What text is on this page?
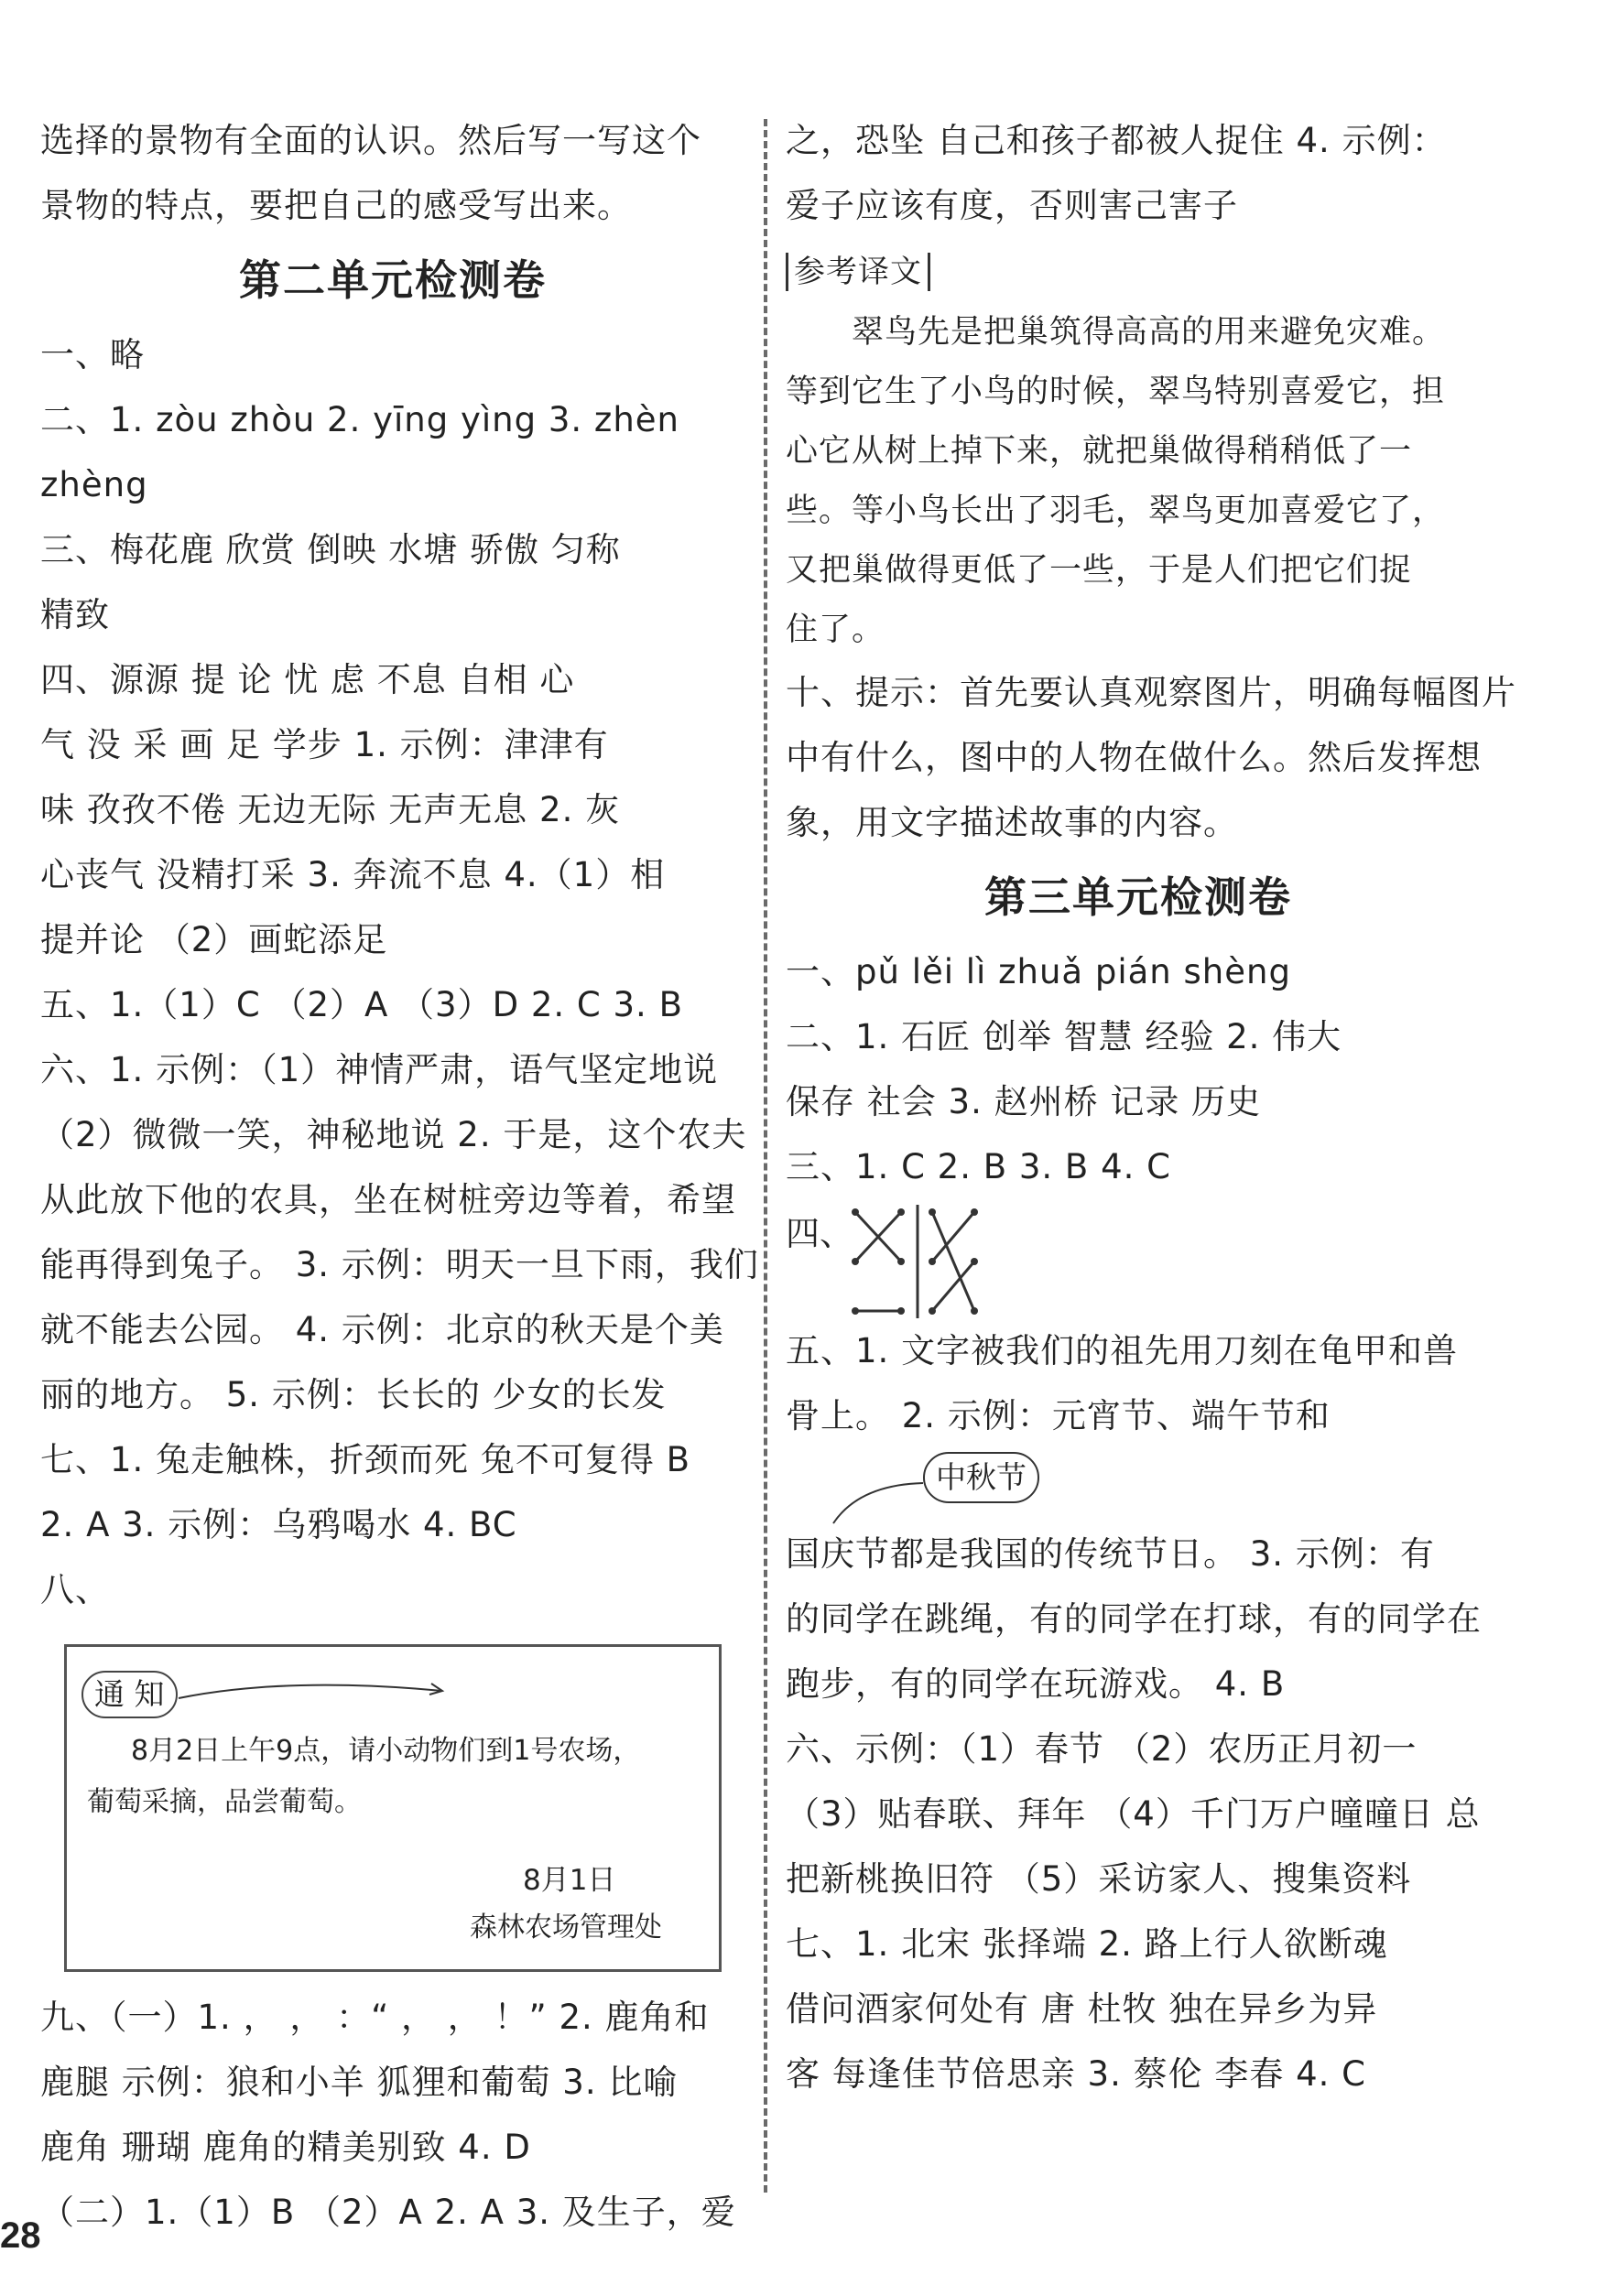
选择的景物有全面的认识。然后写一写这个
景物的特点，要把自己的感受写出来。
第二单元检测卷
一、略
二、1. zòu zhòu 2. yīng yìng 3. zhèn
zhèng
三、梅花鹿 欣赏 倒映 水塘 骄傲 匀称
精致
四、源源 提 论 忧 虑 不息 自相 心
气 没 采 画 足 学步 1. 示例：津津有
味 孜孜不倦 无边无际 无声无息 2. 灰
心丧气 没精打采 3. 奔流不息 4.（1）相
提并论 （2）画蛇添足
五、1.（1）C （2）A （3）D 2. C 3. B
六、1. 示例：（1）神情严肃，语气坚定地说
（2）微微一笑，神秘地说 2. 于是，这个农夫
从此放下他的农具，坐在树桩旁边等着，希望
能再得到兔子。 3. 示例：明天一旦下雨，我们
就不能去公园。 4. 示例：北京的秋天是个美
丽的地方。 5. 示例：长长的 少女的长发
七、1. 兔走触株，折颈而死 兔不可复得 B
2. A 3. 示例：乌鸦喝水 4. BC
八、
通 知
8月2日上午9点，请小动物们到1号农场，
葡萄采摘，品尝葡萄。
8月1日
森林农场管理处
九、（一）1. ， ， ：“ ， ， ！” 2. 鹿角和
鹿腿 示例：狼和小羊 狐狸和葡萄 3. 比喻
鹿角 珊瑚 鹿角的精美别致 4. D
（二）1.（1）B （2）A 2. A 3. 及生子，爱
之，恐坠 自己和孩子都被人捉住 4. 示例：
爱子应该有度，否则害己害子
参考译文
　　翠鸟先是把巢筑得高高的用来避免灾难。
等到它生了小鸟的时候，翠鸟特别喜爱它，担
心它从树上掉下来，就把巢做得稍稍低了一
些。等小鸟长出了羽毛，翠鸟更加喜爱它了，
又把巢做得更低了一些，于是人们把它们捉
住了。
十、提示：首先要认真观察图片，明确每幅图片
中有什么，图中的人物在做什么。然后发挥想
象，用文字描述故事的内容。
第三单元检测卷
一、pǔ lěi lì zhuǎ pián shèng
二、1. 石匠 创举 智慧 经验 2. 伟大
保存 社会 3. 赵州桥 记录 历史
三、1. C 2. B 3. B 4. C
四、
五、1. 文字被我们的祖先用刀刻在龟甲和兽
骨上。 2. 示例：元宵节、端午节和
中秋节
国庆节都是我国的传统节日。 3. 示例：有
的同学在跳绳，有的同学在打球，有的同学在
跑步，有的同学在玩游戏。 4. B
六、示例：（1）春节 （2）农历正月初一
（3）贴春联、拜年 （4）千门万户曈曈日 总
把新桃换旧符 （5）采访家人、搜集资料
七、1. 北宋 张择端 2. 路上行人欲断魂
借问酒家何处有 唐 杜牧 独在异乡为异
客 每逢佳节倍思亲 3. 蔡伦 李春 4. C
28
